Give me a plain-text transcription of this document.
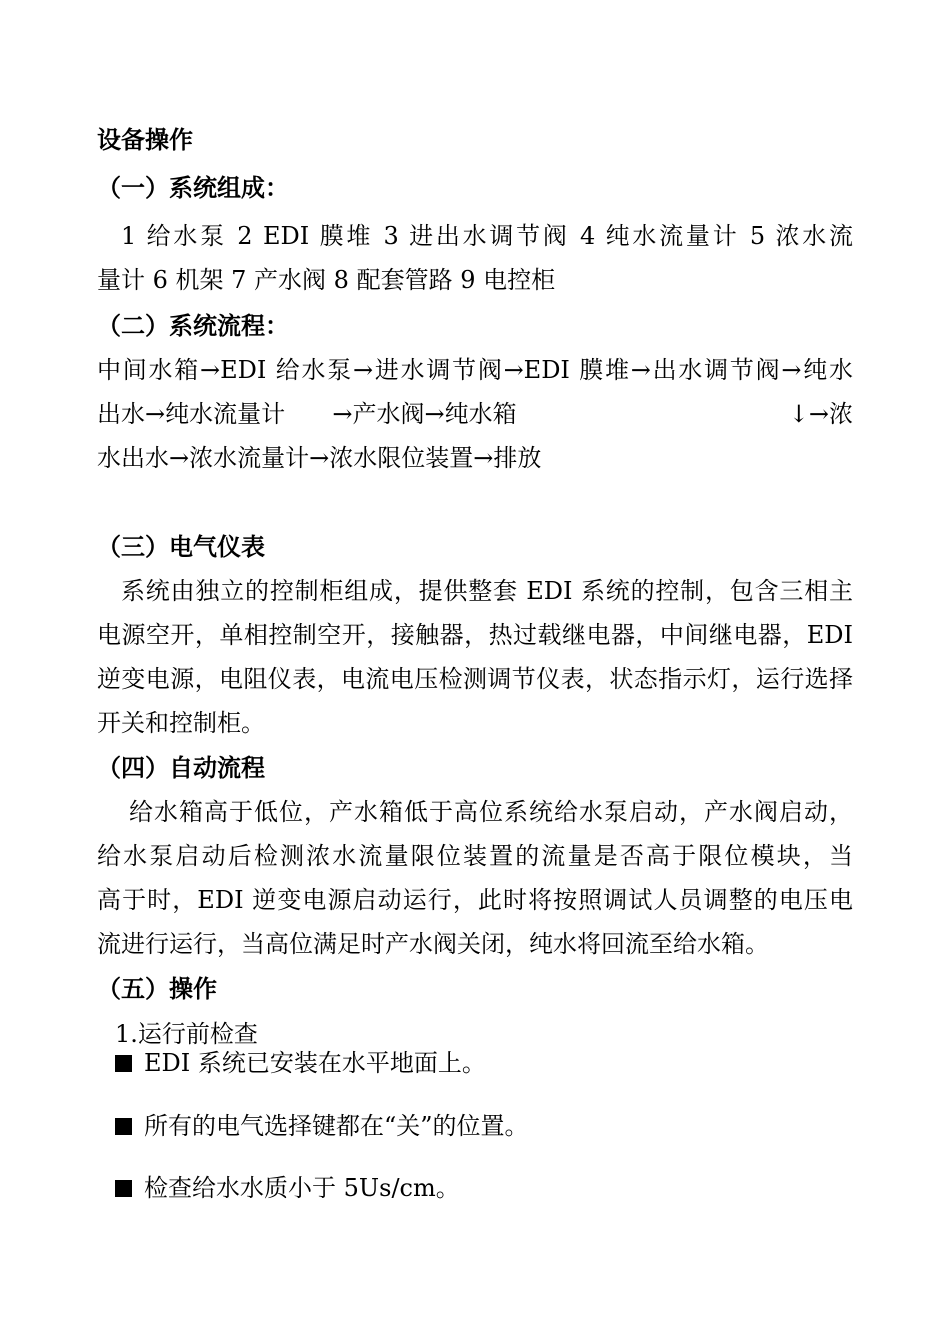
设备操作
（一）系统组成：
1 给水泵 2 EDI 膜堆 3 进出水调节阀 4 纯水流量计 5 浓水流
量计 6 机架 7 产水阀 8 配套管路 9 电控柜
（二）系统流程：
中间水箱→EDI 给水泵→进水调节阀→EDI 膜堆→出水调节阀→纯水
出水→纯水流量计 →产水阀→纯水箱	↓→浓
水出水→浓水流量计→浓水限位装置→排放
（三）电气仪表
系统由独立的控制柜组成，提供整套 EDI 系统的控制，包含三相主
电源空开，单相控制空开，接触器，热过载继电器，中间继电器，EDI
逆变电源，电阻仪表，电流电压检测调节仪表，状态指示灯，运行选择
开关和控制柜。
（四）自动流程
给水箱高于低位，产水箱低于高位系统给水泵启动，产水阀启动，
给水泵启动后检测浓水流量限位装置的流量是否高于限位模块，当
高于时，EDI 逆变电源启动运行，此时将按照调试人员调整的电压电
流进行运行，当高位满足时产水阀关闭，纯水将回流至给水箱。
（五）操作
1.运行前检查
EDI 系统已安装在水平地面上。
所有的电气选择键都在“关”的位置。
检查给水水质小于 5Us/cm。
